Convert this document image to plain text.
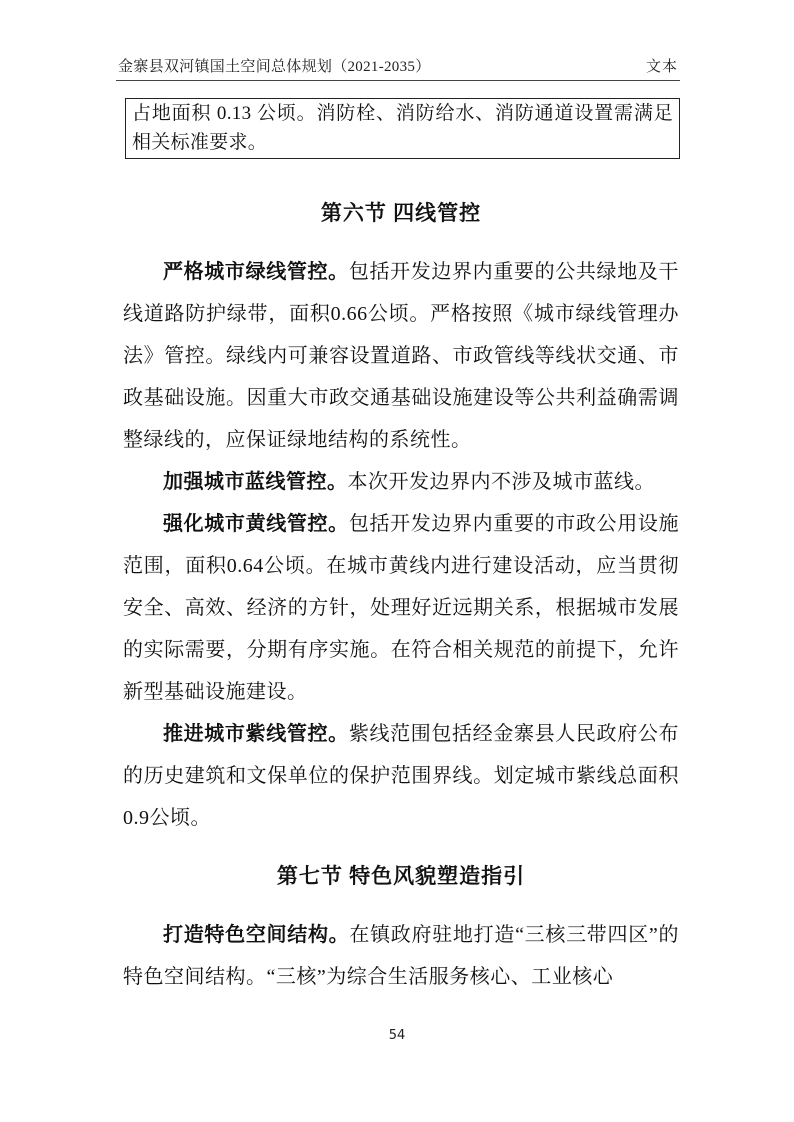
金寨县双河镇国土空间总体规划（2021-2035）	文本
占地面积 0.13 公顷。消防栓、消防给水、消防通道设置需满足相关标准要求。
第六节 四线管控

严格城市绿线管控。包括开发边界内重要的公共绿地及干线道路防护绿带，面积0.66公顷。严格按照《城市绿线管理办法》管控。绿线内可兼容设置道路、市政管线等线状交通、市政基础设施。因重大市政交通基础设施建设等公共利益确需调整绿线的，应保证绿地结构的系统性。

加强城市蓝线管控。本次开发边界内不涉及城市蓝线。

强化城市黄线管控。包括开发边界内重要的市政公用设施范围，面积0.64公顷。在城市黄线内进行建设活动，应当贯彻安全、高效、经济的方针，处理好近远期关系，根据城市发展的实际需要，分期有序实施。在符合相关规范的前提下，允许新型基础设施建设。

推进城市紫线管控。紫线范围包括经金寨县人民政府公布的历史建筑和文保单位的保护范围界线。划定城市紫线总面积0.9公顷。

第七节 特色风貌塑造指引

打造特色空间结构。在镇政府驻地打造“三核三带四区”的特色空间结构。“三核”为综合生活服务核心、工业核心

54
